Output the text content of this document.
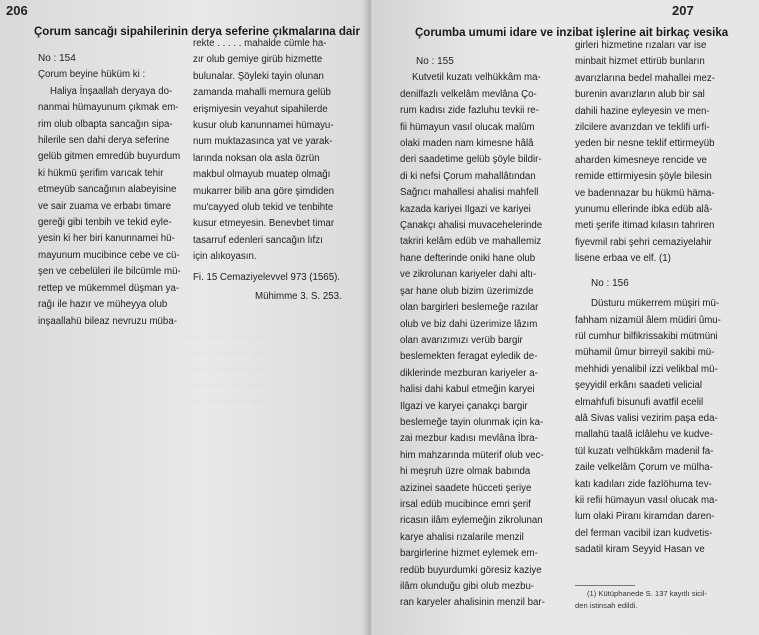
··· ······· ······· ······
····· ······· ···· ·····
··· ······ ······· ·····
······ ····· ········ ···
····· ······· ······ ····
206
Çorum sancağı sipahilerinin derya seferine çıkmalarına dair
No : 154
Çorum beyine hüküm ki :
Haliya İnşaallah deryaya do-
nanmai hümayunum çıkmak em-
rim olub olbapta sancağın sipa-
hilerile sen dahi derya seferine
gelüb gitmen emredüb buyurdum
ki hükmü şerifim varıcak tehir
etmeyüb sancağının alabeyisine
ve sair zuama ve erbabı timare
gereği gibi tenbih ve tekid eyle-
yesin ki her biri kanunnamei hü-
mayunum mucibince cebe ve cü-
şen ve cebelüleri ile bilcümle mü-
rettep ve mükemmel düşman ya-
rağı ile hazır ve müheyya olub
inşaallahü bileaz nevruzu müba-
rekte . . . . . mahalde cümle ha-
zır olub gemiye girüb hizmette
bulunalar. Şöyleki tayin olunan
zamanda mahalli memura gelüb
erişmiyesin veyahut sipahilerde
kusur olub kanunnamei hümayu-
num muktazasınca yat ve yarak-
larında noksan ola asla özrün
makbul olmayub muatep olmağı
mukarrer bilib ana göre şimdiden
mu'cayyed olub tekid ve tenbihte
kusur etmeyesin. Benevbet timar
tasarruf edenleri sancağın lıfzı
için alıkoyasın.
Fi. 15 Cemaziyelevvel 973 (1565).
Mühimme 3. S. 253.
207
Çorumba umumi idare ve inzibat işlerine ait birkaç vesika
No : 155
Kutvetil kuzatı velhükkâm ma-
denilfazlı velkelâm mevlâna Ço-
rum kadısı zide fazluhu tevkii re-
fii hümayun vasıl olucak malûm
olaki maden nam kimesne hâlâ
deri saadetime gelüb şöyle bildir-
di ki nefsi Çorum mahallâtından
Sağrıcı mahallesi ahalisi mahfell
kazada kariyei Ilgazi ve kariyei
Çanakçı ahalisi muvacehelerinde
takriri kelâm edüb ve mahallemiz
hane defterinde oniki hane olub
ve zikrolunan kariyeler dahi altı-
şar hane olub bizim üzerimizde
olan bargirleri beslemeğe razılar
olub ve biz dahi üzerimize lâzım
olan avarızımızı verüb bargir
beslemekten feragat eyledik de-
diklerinde mezburan kariyeler a-
halisi dahi kabul etmeğin karyei
Ilgazi ve karyei çanakçı bargir
beslemeğe tayin olunmak için ka-
zai mezbur kadısı mevlâna İbra-
him mahzarında müterif olub vec-
hi meşruh üzre olmak babında
azizinei saadete hücceti şeriye
irsal edüb mucibince emri şerif
ricasın ilâm eylemeğin zikrolunan
karye ahalisi rızalarile menzil
bargirlerine hizmet eylemek em-
redüb buyurdumki göresiz kaziye
ilâm olunduğu gibi olub mezbu-
ran karyeler ahalisinin menzil bar-
girleri hizmetine rızaları var ise
minbait hizmet ettirüb bunların
avarızlarına bedel mahallei mez-
burenin avarızların alub bir sal
dahili hazine eyleyesin ve men-
zilcilere avarızdan ve teklifi urfi-
yeden bir nesne teklif ettirmeyüb
aharden kimesneye rencide ve
remide ettirmiyesin şöyle bilesin
ve badennazar bu hükmü häma-
yunumu ellerinde ibka edüb alâ-
meti şerife itimad kılasın tahriren
fiyevmil rabi şehri cemaziyelahir
lisene erbaa ve elf. (1)
No : 156
Düsturu mükerrem müşiri mü-
fahham nizamül âlem müdiri ûmu-
rül cumhur bilfikrissakibi mütmüni
mühamil ûmur birreyil sakibi mü-
mehhidi yenalibil izzi velikbal mü-
şeyyidil erkânı saadeti velicial
elmahfufi bisunufi avatfil ecelil
alâ Sivas valisi vezirim paşa eda-
mallahü taalâ iclâlehu ve kudve-
tül kuzatı velhükkâm madenil fa-
zaile velkelâm Çorum ve mülha-
katı kadıları zide fazlöhuma tev-
kii refii hümayun vasıl olucak ma-
lum olaki Piranı kiramdan daren-
del ferman vacibil izan kudvetis-
sadatil kiram Seyyid Hasan ve
(1) Kütüphanede S. 137 kayıtlı sicil-
den istinsah edildi.
